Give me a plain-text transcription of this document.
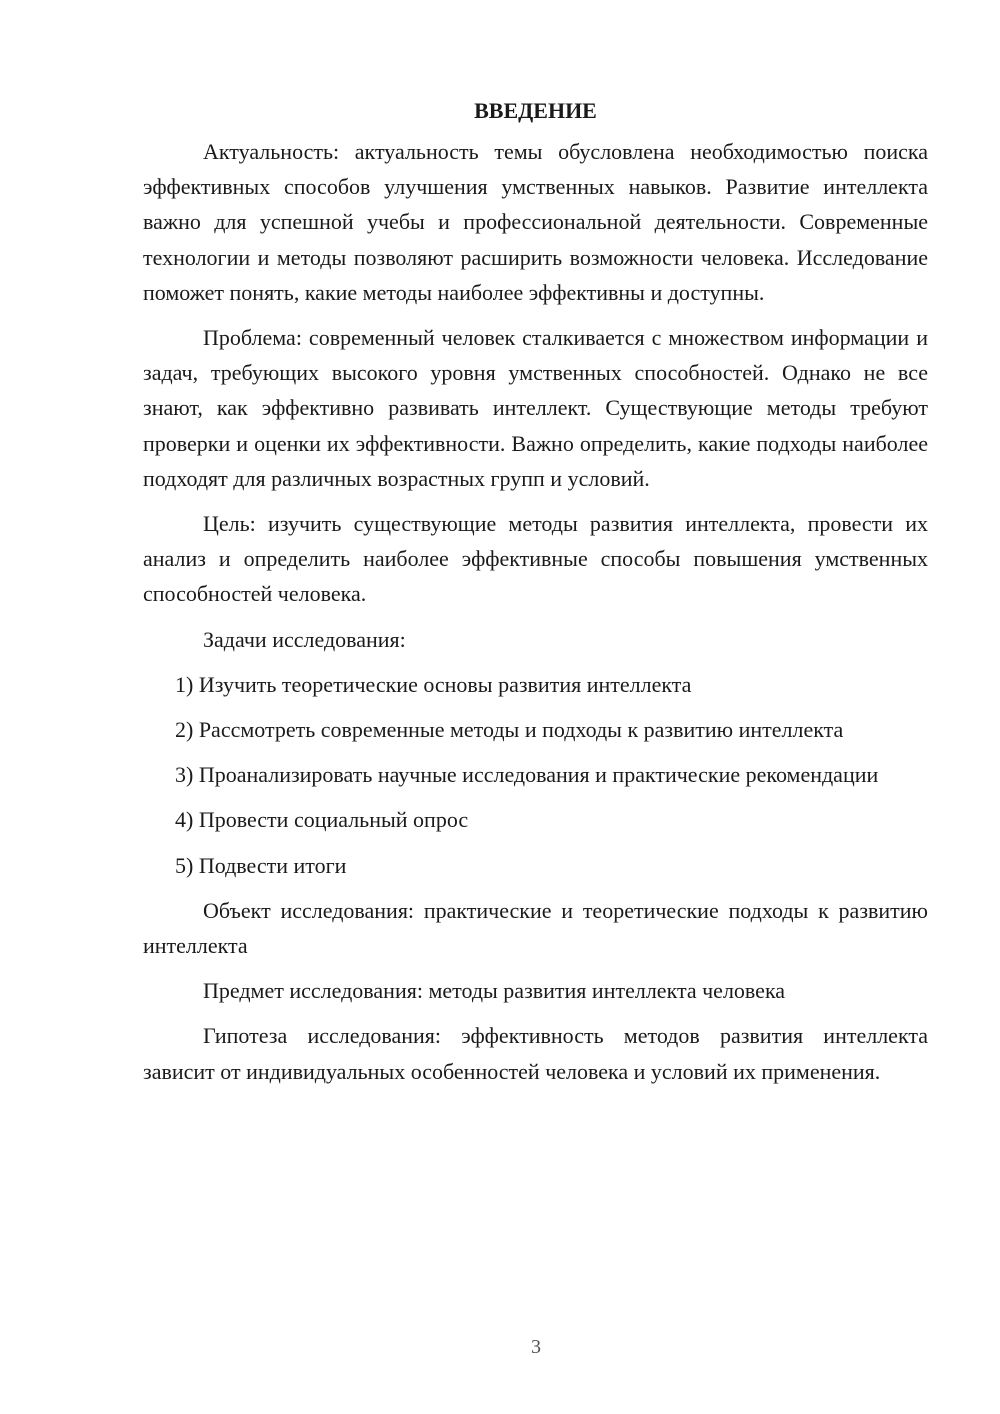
ВВЕДЕНИЕ

Актуальность: актуальность темы обусловлена необходимостью поиска эффективных способов улучшения умственных навыков. Развитие интеллекта важно для успешной учебы и профессиональной деятельности. Современные технологии и методы позволяют расширить возможности человека. Исследование поможет понять, какие методы наиболее эффективны и доступны.

Проблема: современный человек сталкивается с множеством информации и задач, требующих высокого уровня умственных способностей. Однако не все знают, как эффективно развивать интеллект. Существующие методы требуют проверки и оценки их эффективности. Важно определить, какие подходы наиболее подходят для различных возрастных групп и условий.

Цель: изучить существующие методы развития интеллекта, провести их анализ и определить наиболее эффективные способы повышения умственных способностей человека.

Задачи исследования:

1) Изучить теоретические основы развития интеллекта

2) Рассмотреть современные методы и подходы к развитию интеллекта

3) Проанализировать научные исследования и практические рекомендации

4) Провести социальный опрос

5) Подвести итоги

Объект исследования: практические и теоретические подходы к развитию интеллекта

Предмет исследования: методы развития интеллекта человека

Гипотеза исследования: эффективность методов развития интеллекта зависит от индивидуальных особенностей человека и условий их применения.

3
